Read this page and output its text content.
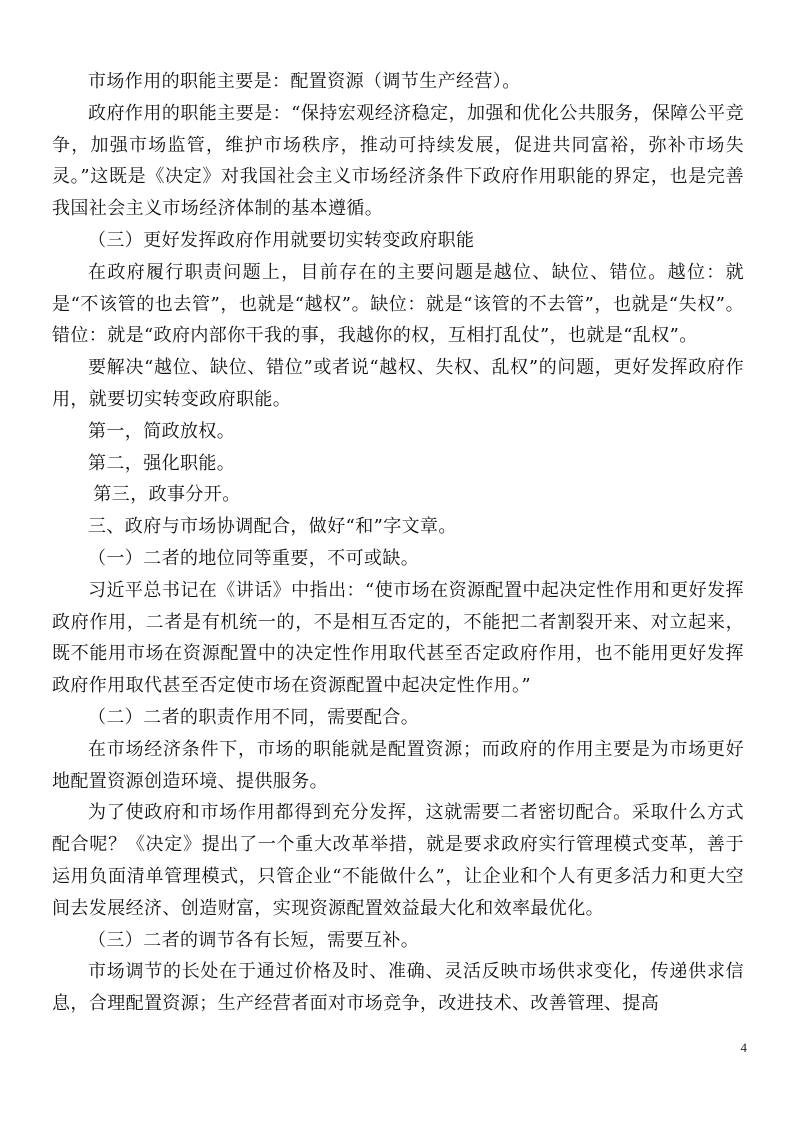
市场作用的职能主要是：配置资源（调节生产经营）。

政府作用的职能主要是：“保持宏观经济稳定，加强和优化公共服务，保障公平竞争，加强市场监管，维护市场秩序，推动可持续发展，促进共同富裕，弥补市场失灵。”这既是《决定》对我国社会主义市场经济条件下政府作用职能的界定，也是完善我国社会主义市场经济体制的基本遵循。

（三）更好发挥政府作用就要切实转变政府职能

在政府履行职责问题上，目前存在的主要问题是越位、缺位、错位。越位：就是“不该管的也去管”，也就是“越权”。缺位：就是“该管的不去管”，也就是“失权”。错位：就是“政府内部你干我的事，我越你的权，互相打乱仗”，也就是“乱权”。

要解决“越位、缺位、错位”或者说“越权、失权、乱权”的问题，更好发挥政府作用，就要切实转变政府职能。

第一，简政放权。

第二，强化职能。

第三，政事分开。

三、政府与市场协调配合，做好“和”字文章。

（一）二者的地位同等重要，不可或缺。

习近平总书记在《讲话》中指出：“使市场在资源配置中起决定性作用和更好发挥政府作用，二者是有机统一的，不是相互否定的，不能把二者割裂开来、对立起来，既不能用市场在资源配置中的决定性作用取代甚至否定政府作用，也不能用更好发挥政府作用取代甚至否定使市场在资源配置中起决定性作用。”

（二）二者的职责作用不同，需要配合。

在市场经济条件下，市场的职能就是配置资源；而政府的作用主要是为市场更好地配置资源创造环境、提供服务。

为了使政府和市场作用都得到充分发挥，这就需要二者密切配合。采取什么方式配合呢？《决定》提出了一个重大改革举措，就是要求政府实行管理模式变革，善于运用负面清单管理模式，只管企业“不能做什么”，让企业和个人有更多活力和更大空间去发展经济、创造财富，实现资源配置效益最大化和效率最优化。

（三）二者的调节各有长短，需要互补。

市场调节的长处在于通过价格及时、准确、灵活反映市场供求变化，传递供求信息，合理配置资源；生产经营者面对市场竞争，改进技术、改善管理、提高

4
